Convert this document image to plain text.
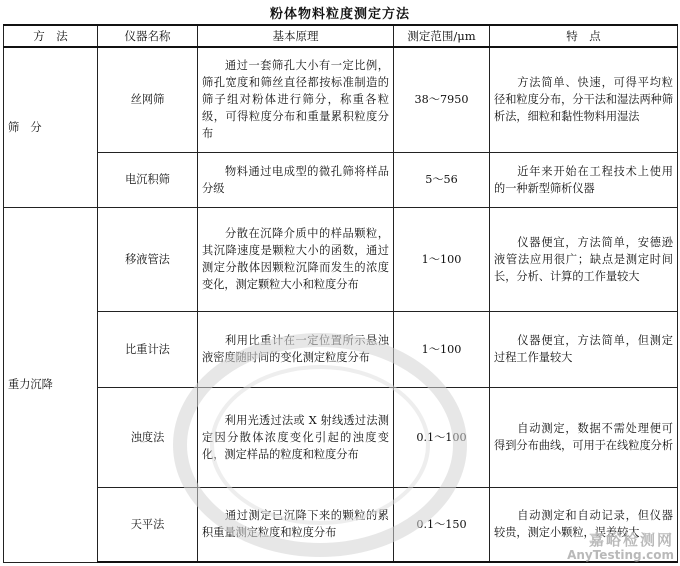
粉体物料粒度测定方法
方　法	仪器名称	基本原理	测定范围/μm	特　点
筛　分	丝网筛	通过一套筛孔大小有一定比例，筛孔宽度和筛丝直径都按标准制造的筛子组对粉体进行筛分，称重各粒级，可得粒度分布和重量累积粒度分布	38～7950	方法简单、快速，可得平均粒径和粒度分布，分干法和湿法两种筛析法，细粒和黏性物料用湿法
	电沉积筛	物料通过电成型的微孔筛将样品分级	5～56	近年来开始在工程技术上使用的一种新型筛析仪器
重力沉降	移液管法	分散在沉降介质中的样品颗粒，其沉降速度是颗粒大小的函数，通过测定分散体因颗粒沉降而发生的浓度变化，测定颗粒大小和粒度分布	1～100	仪器便宜，方法简单，安德逊液管法应用很广；缺点是测定时间长，分析、计算的工作量较大
	比重计法	利用比重计在一定位置所示悬浊液密度随时间的变化测定粒度分布	1～100	仪器便宜，方法简单，但测定过程工作量较大
	浊度法	利用光透过法或 X 射线透过法测定因分散体浓度变化引起的浊度变化，测定样品的粒度和粒度分布	0.1～100	自动测定，数据不需处理便可得到分布曲线，可用于在线粒度分析
	天平法	通过测定已沉降下来的颗粒的累积重量测定粒度和粒度分布	0.1～150	自动测定和自动记录，但仪器较贵，测定小颗粒，误差较大
嘉峪检测网
AnyTesting.com
